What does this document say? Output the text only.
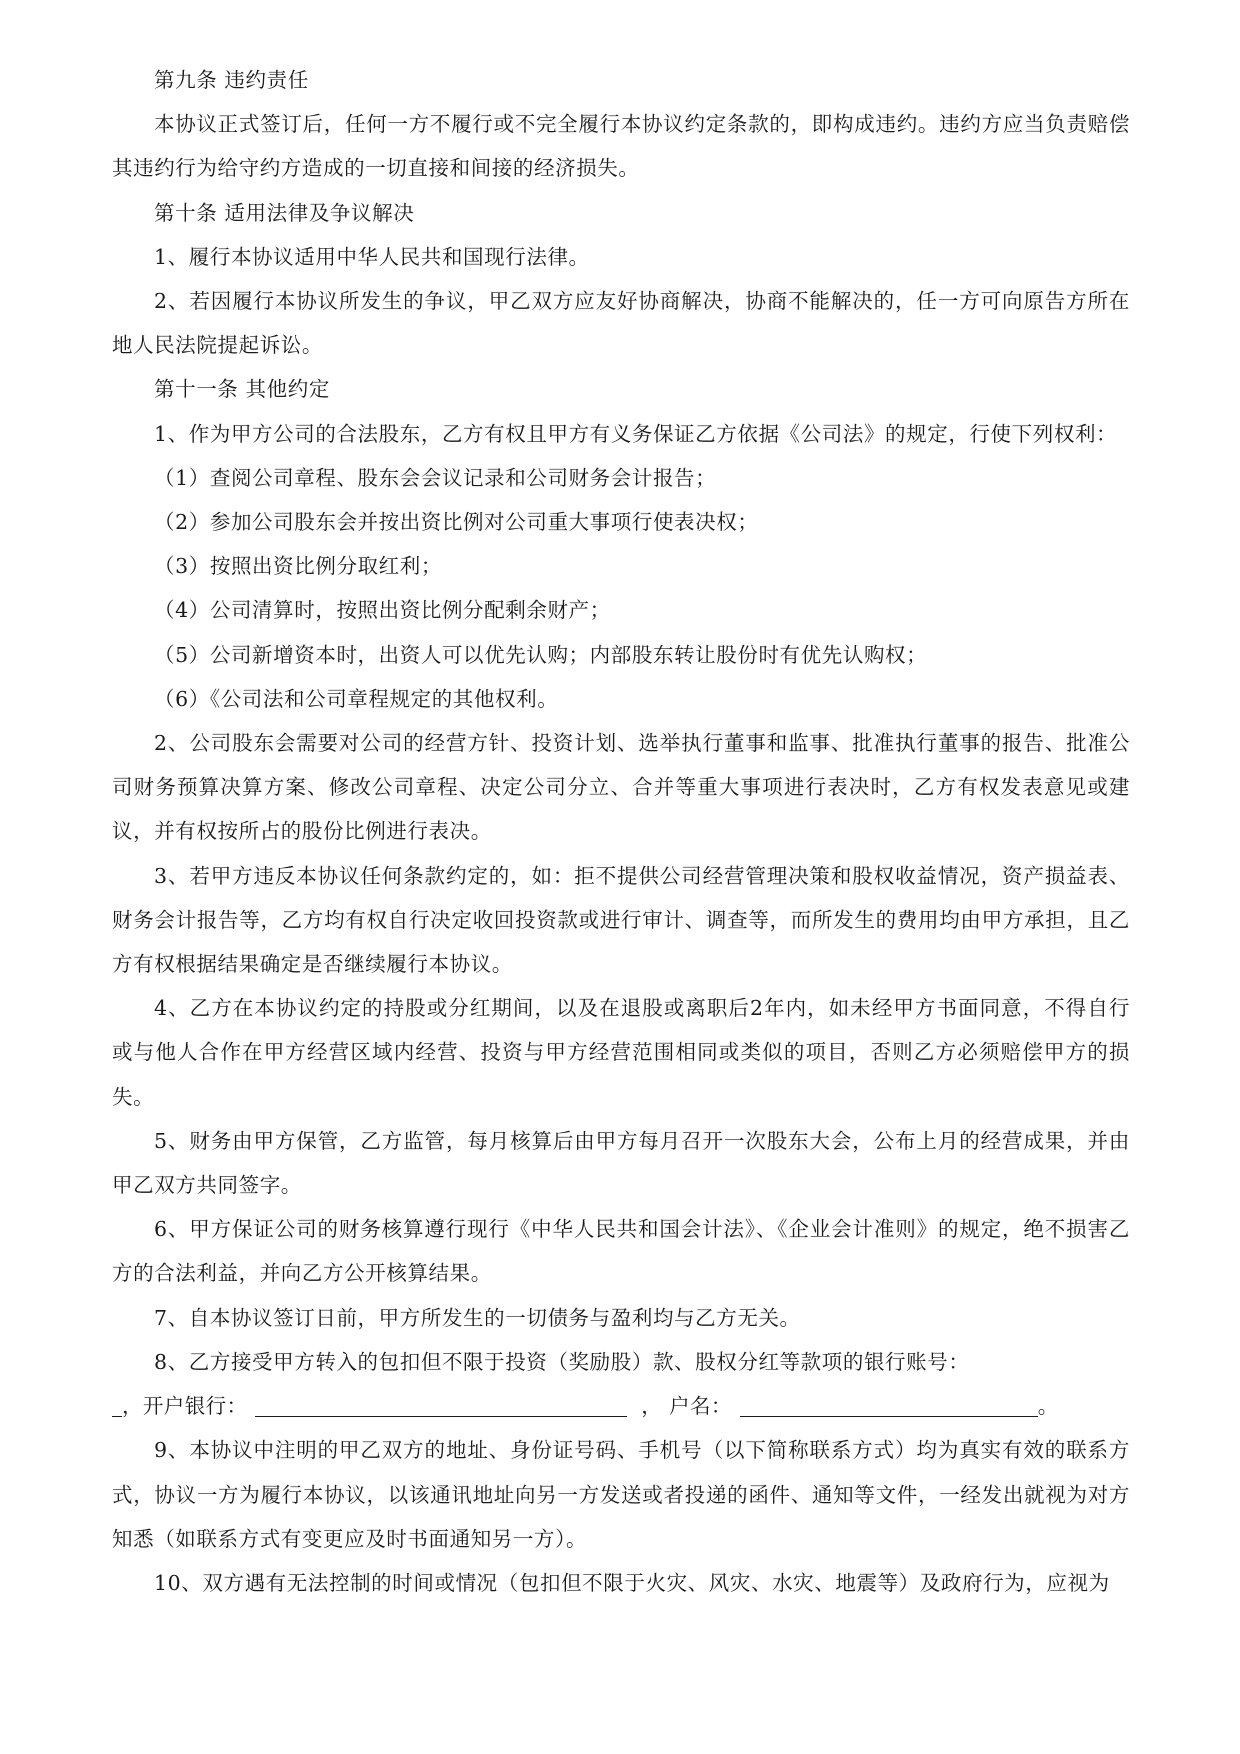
第九条 违约责任

本协议正式签订后，任何一方不履行或不完全履行本协议约定条款的，即构成违约。违约方应当负责赔偿其违约行为给守约方造成的一切直接和间接的经济损失。

第十条 适用法律及争议解决

1、履行本协议适用中华人民共和国现行法律。

2、若因履行本协议所发生的争议，甲乙双方应友好协商解决，协商不能解决的，任一方可向原告方所在地人民法院提起诉讼。

第十一条 其他约定

1、作为甲方公司的合法股东，乙方有权且甲方有义务保证乙方依据《公司法》的规定，行使下列权利：

（1）查阅公司章程、股东会会议记录和公司财务会计报告；

（2）参加公司股东会并按出资比例对公司重大事项行使表决权；

（3）按照出资比例分取红利；

（4）公司清算时，按照出资比例分配剩余财产；

（5）公司新增资本时，出资人可以优先认购；内部股东转让股份时有优先认购权；

（6）《公司法和公司章程规定的其他权利。

2、公司股东会需要对公司的经营方针、投资计划、选举执行董事和监事、批准执行董事的报告、批准公司财务预算决算方案、修改公司章程、决定公司分立、合并等重大事项进行表决时，乙方有权发表意见或建议，并有权按所占的股份比例进行表决。

3、若甲方违反本协议任何条款约定的，如：拒不提供公司经营管理决策和股权收益情况，资产损益表、财务会计报告等，乙方均有权自行决定收回投资款或进行审计、调查等，而所发生的费用均由甲方承担，且乙方有权根据结果确定是否继续履行本协议。

4、乙方在本协议约定的持股或分红期间，以及在退股或离职后2年内，如未经甲方书面同意，不得自行或与他人合作在甲方经营区域内经营、投资与甲方经营范围相同或类似的项目，否则乙方必须赔偿甲方的损失。

5、财务由甲方保管，乙方监管，每月核算后由甲方每月召开一次股东大会，公布上月的经营成果，并由甲乙双方共同签字。

6、甲方保证公司的财务核算遵行现行《中华人民共和国会计法》、《企业会计准则》的规定，绝不损害乙方的合法利益，并向乙方公开核算结果。

7、自本协议签订日前，甲方所发生的一切债务与盈利均与乙方无关。

8、乙方接受甲方转入的包扣但不限于投资（奖励股）款、股权分红等款项的银行账号：

，开户银行：	， 户名：	。

9、本协议中注明的甲乙双方的地址、身份证号码、手机号（以下简称联系方式）均为真实有效的联系方式，协议一方为履行本协议，以该通讯地址向另一方发送或者投递的函件、通知等文件，一经发出就视为对方知悉（如联系方式有变更应及时书面通知另一方）。

10、双方遇有无法控制的时间或情况（包扣但不限于火灾、风灾、水灾、地震等）及政府行为，应视为
